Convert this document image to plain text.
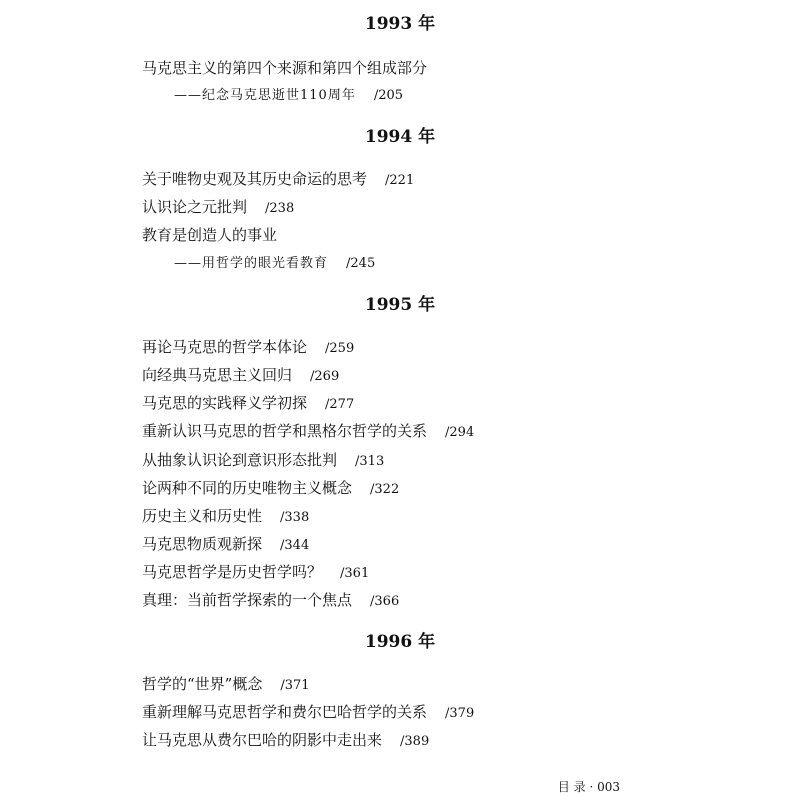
1993 年
马克思主义的第四个来源和第四个组成部分
——纪念马克思逝世110周年 /205
1994 年
关于唯物史观及其历史命运的思考 /221
认识论之元批判 /238
教育是创造人的事业
——用哲学的眼光看教育 /245
1995 年
再论马克思的哲学本体论 /259
向经典马克思主义回归 /269
马克思的实践释义学初探 /277
重新认识马克思的哲学和黑格尔哲学的关系 /294
从抽象认识论到意识形态批判 /313
论两种不同的历史唯物主义概念 /322
历史主义和历史性 /338
马克思物质观新探 /344
马克思哲学是历史哲学吗？ /361
真理：当前哲学探索的一个焦点 /366
1996 年
哲学的“世界”概念 /371
重新理解马克思哲学和费尔巴哈哲学的关系 /379
让马克思从费尔巴哈的阴影中走出来 /389
目 录 · 003
